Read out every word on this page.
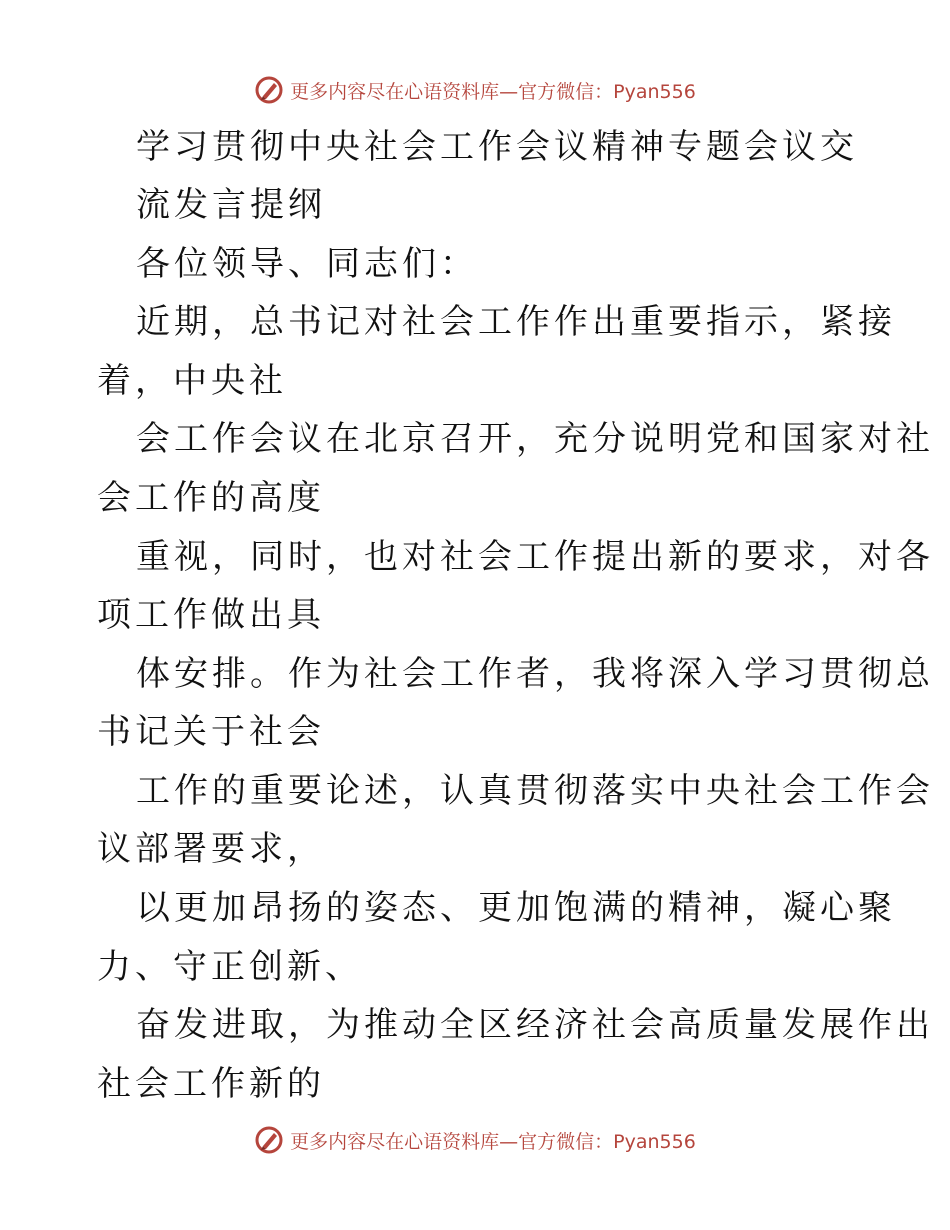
更多内容尽在心语资料库—官方微信：Pyan556
学习贯彻中央社会工作会议精神专题会议交
流发言提纲
各位领导、同志们：
近期，总书记对社会工作作出重要指示，紧接
着，中央社
会工作会议在北京召开，充分说明党和国家对社
会工作的高度
重视，同时，也对社会工作提出新的要求，对各
项工作做出具
体安排。作为社会工作者，我将深入学习贯彻总
书记关于社会
工作的重要论述，认真贯彻落实中央社会工作会
议部署要求，
以更加昂扬的姿态、更加饱满的精神，凝心聚
力、守正创新、
奋发进取，为推动全区经济社会高质量发展作出
社会工作新的
更多内容尽在心语资料库—官方微信：Pyan556
